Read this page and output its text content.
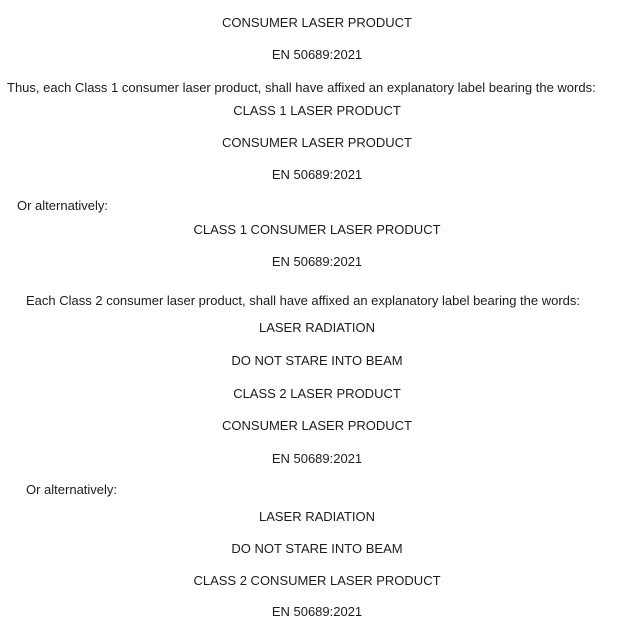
CONSUMER LASER PRODUCT

EN 50689:2021

Thus, each Class 1 consumer laser product, shall have affixed an explanatory label bearing the words:

CLASS 1 LASER PRODUCT

CONSUMER LASER PRODUCT

EN 50689:2021

Or alternatively:

CLASS 1 CONSUMER LASER PRODUCT

EN 50689:2021

Each Class 2 consumer laser product, shall have affixed an explanatory label bearing the words:

LASER RADIATION

DO NOT STARE INTO BEAM

CLASS 2 LASER PRODUCT

CONSUMER LASER PRODUCT

EN 50689:2021

Or alternatively:

LASER RADIATION

DO NOT STARE INTO BEAM

CLASS 2 CONSUMER LASER PRODUCT

EN 50689:2021
